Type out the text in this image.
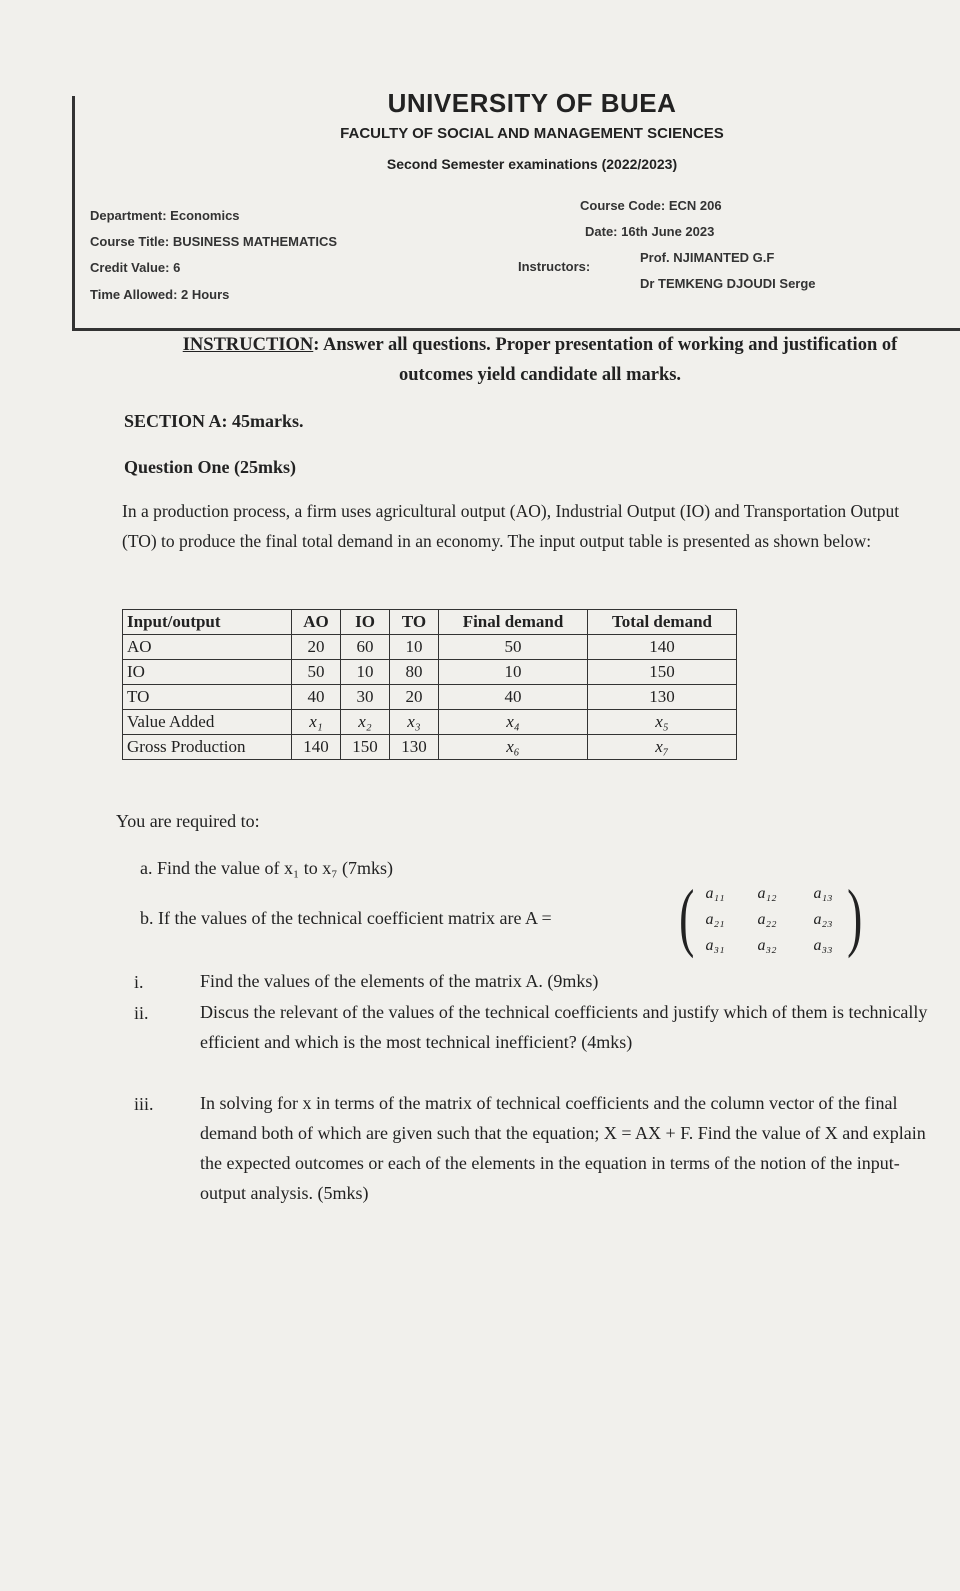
UNIVERSITY OF BUEA
FACULTY OF SOCIAL AND MANAGEMENT SCIENCES
Second Semester examinations (2022/2023)
Department: Economics
Course Title: BUSINESS MATHEMATICS
Credit Value: 6
Time Allowed: 2 Hours
Course Code: ECN 206
Date: 16th June 2023
Instructors:
Prof. NJIMANTED G.F
Dr TEMKENG DJOUDI Serge
INSTRUCTION: Answer all questions. Proper presentation of working and justification of outcomes yield candidate all marks.
SECTION A: 45marks.
Question One (25mks)
In a production process, a firm uses agricultural output (AO), Industrial Output (IO) and Transportation Output (TO) to produce the final total demand in an economy. The input output table is presented as shown below:
Input/output	AO	IO	TO	Final demand	Total demand
AO	20	60	10	50	140
IO	50	10	80	10	150
TO	40	30	20	40	130
Value Added	x₁	x₂	x₃	x₄	x₅
Gross Production	140	150	130	x₆	x₇
You are required to:
a. Find the value of x₁ to x₇ (7mks)
b. If the values of the technical coefficient matrix are A = ( )
a₁₁	a₁₂	a₁₃
a₂₁	a₂₂	a₂₃
a₃₁	a₃₂	a₃₃
i.	Find the values of the elements of the matrix A. (9mks)
ii.	Discus the relevant of the values of the technical coefficients and justify which of them is technically efficient and which is the most technical inefficient? (4mks)
iii.	In solving for x in terms of the matrix of technical coefficients and the column vector of the final demand both of which are given such that the equation; X = AX + F. Find the value of X and explain the expected outcomes or each of the elements in the equation in terms of the notion of the input-output analysis. (5mks)
